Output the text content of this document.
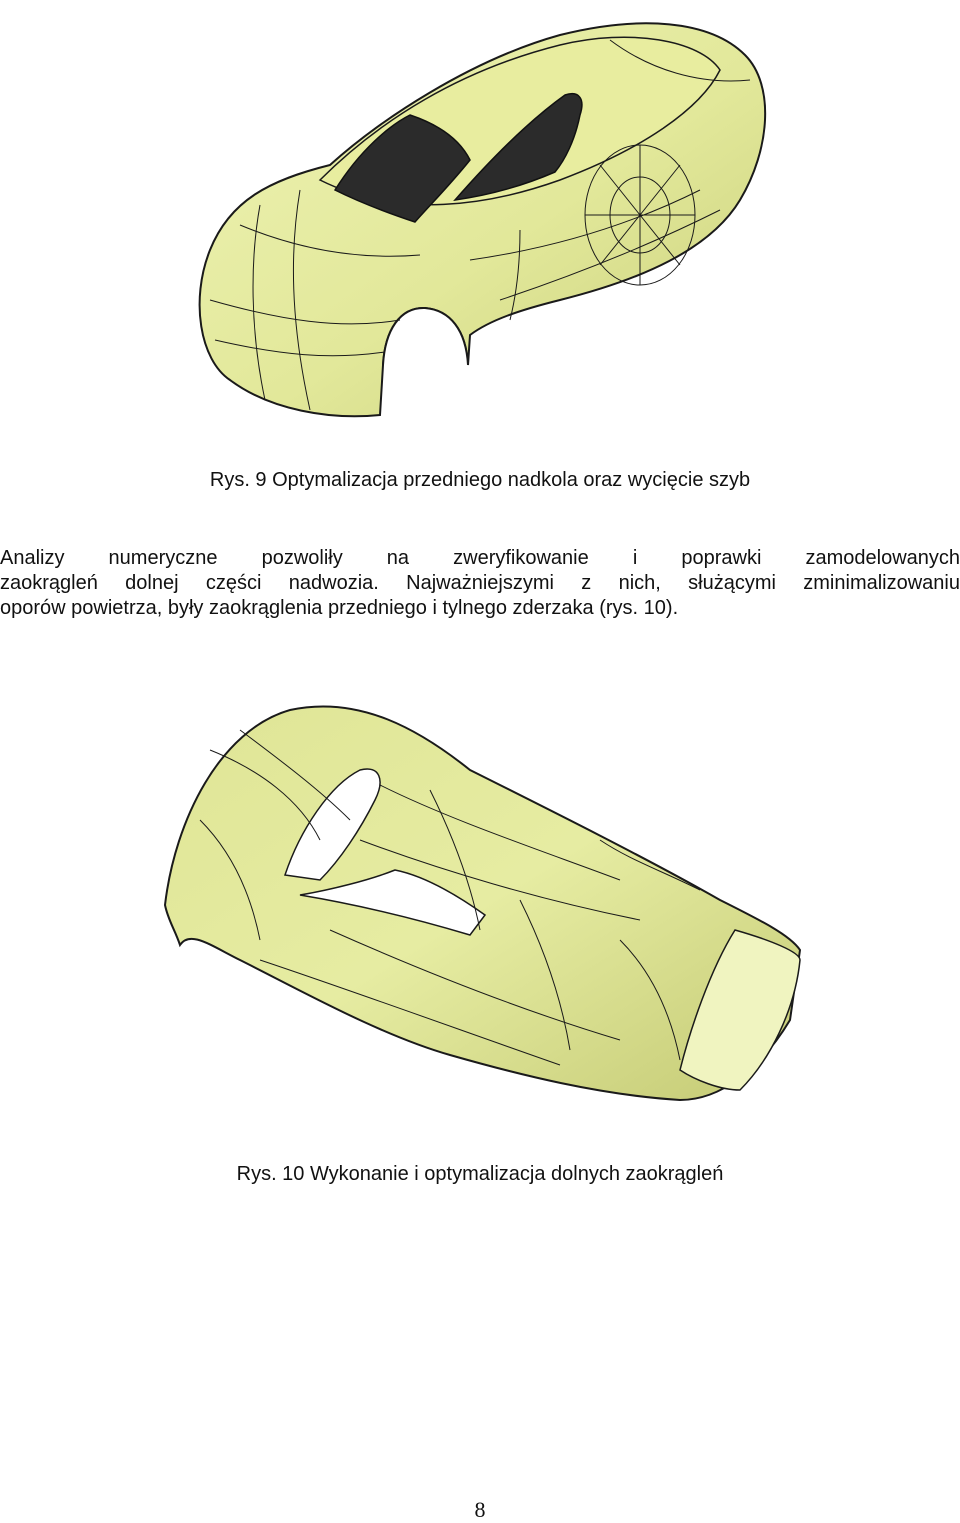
Rys. 9 Optymalizacja przedniego nadkola oraz wycięcie szyb
Analizy numeryczne pozwoliły na zweryfikowanie i poprawki zamodelowanych
zaokrągleń dolnej części nadwozia. Najważniejszymi z nich, służącymi zminimalizowaniu
oporów powietrza, były zaokrąglenia przedniego i tylnego zderzaka (rys. 10).
Rys. 10 Wykonanie i optymalizacja dolnych zaokrągleń
8
